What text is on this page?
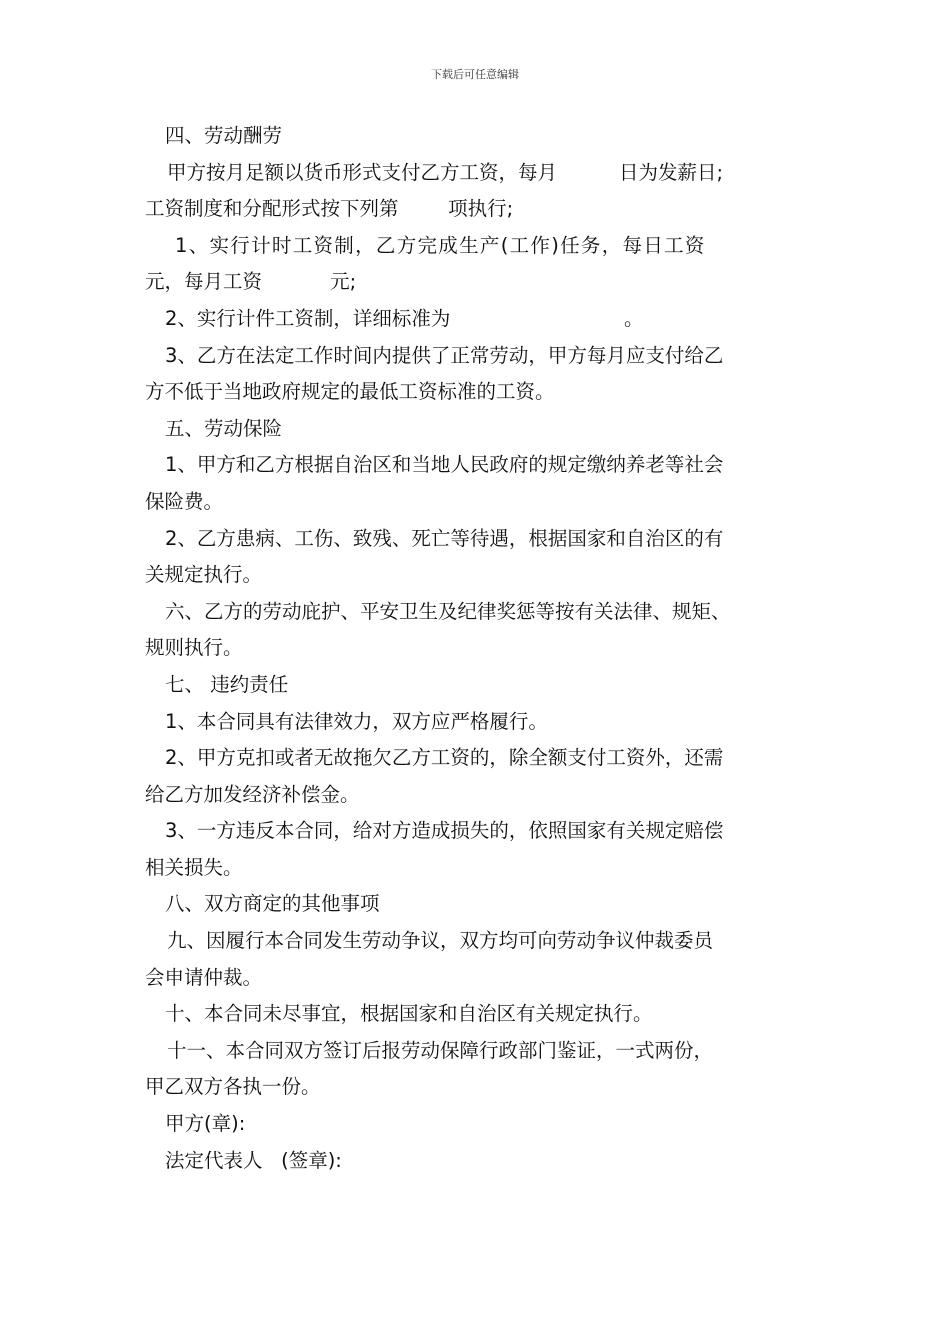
下载后可任意编辑
四、劳动酬劳
甲方按月足额以货币形式支付乙方工资，每月          日为发薪日;
工资制度和分配形式按下列第        项执行;
1、实行计时工资制，乙方完成生产(工作)任务，每日工资
元，每月工资           元;
2、实行计件工资制，详细标准为                            。
3、乙方在法定工作时间内提供了正常劳动，甲方每月应支付给乙
方不低于当地政府规定的最低工资标准的工资。
五、劳动保险
1、甲方和乙方根据自治区和当地人民政府的规定缴纳养老等社会
保险费。
2、乙方患病、工伤、致残、死亡等待遇，根据国家和自治区的有
关规定执行。
六、乙方的劳动庇护、平安卫生及纪律奖惩等按有关法律、规矩、
规则执行。
七、 违约责任
1、本合同具有法律效力，双方应严格履行。
2、甲方克扣或者无故拖欠乙方工资的，除全额支付工资外，还需
给乙方加发经济补偿金。
3、一方违反本合同，给对方造成损失的，依照国家有关规定赔偿
相关损失。
八、双方商定的其他事项
九、因履行本合同发生劳动争议，双方均可向劳动争议仲裁委员
会申请仲裁。
十、本合同未尽事宜，根据国家和自治区有关规定执行。
十一、本合同双方签订后报劳动保障行政部门鉴证，一式两份，
甲乙双方各执一份。
甲方(章):
法定代表人   (签章):
